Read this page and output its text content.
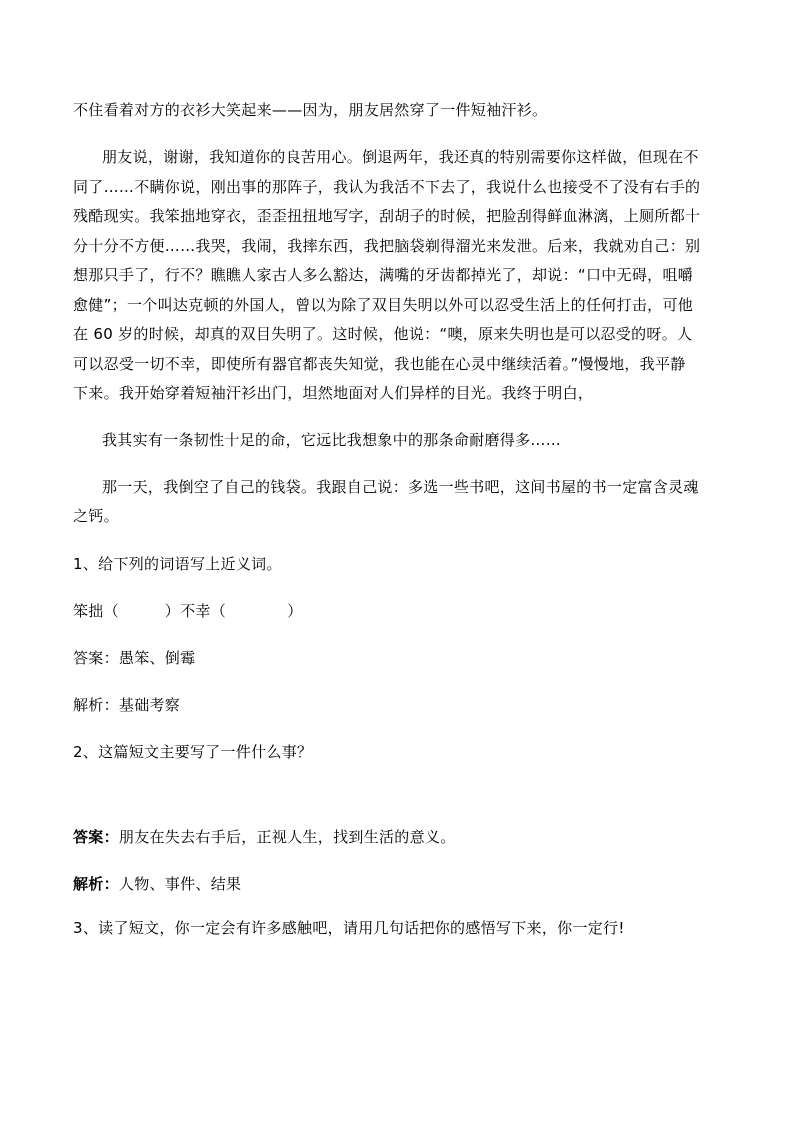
不住看着对方的衣衫大笑起来——因为，朋友居然穿了一件短袖汗衫。
朋友说，谢谢，我知道你的良苦用心。倒退两年，我还真的特别需要你这样做，但现在不
同了……不瞒你说，刚出事的那阵子，我认为我活不下去了，我说什么也接受不了没有右手的
残酷现实。我笨拙地穿衣，歪歪扭扭地写字，刮胡子的时候，把脸刮得鲜血淋漓，上厕所都十
分十分不方便……我哭，我闹，我摔东西，我把脑袋剃得溜光来发泄。后来，我就劝自己：别
想那只手了，行不？瞧瞧人家古人多么豁达，满嘴的牙齿都掉光了，却说：“口中无碍，咀嚼
愈健”；一个叫达克顿的外国人，曾以为除了双目失明以外可以忍受生活上的任何打击，可他
在 60 岁的时候，却真的双目失明了。这时候，他说：“噢，原来失明也是可以忍受的呀。人
可以忍受一切不幸，即使所有器官都丧失知觉，我也能在心灵中继续活着。”慢慢地，我平静
下来。我开始穿着短袖汗衫出门，坦然地面对人们异样的目光。我终于明白，
我其实有一条韧性十足的命，它远比我想象中的那条命耐磨得多……
那一天，我倒空了自己的钱袋。我跟自己说：多选一些书吧，这间书屋的书一定富含灵魂
之钙。
1、给下列的词语写上近义词。
笨拙（　　　）不幸（　　　　）
答案：愚笨、倒霉
解析：基础考察
2、这篇短文主要写了一件什么事？
答案：朋友在失去右手后，正视人生，找到生活的意义。
解析：人物、事件、结果
3、读了短文，你一定会有许多感触吧，请用几句话把你的感悟写下来，你一定行!
